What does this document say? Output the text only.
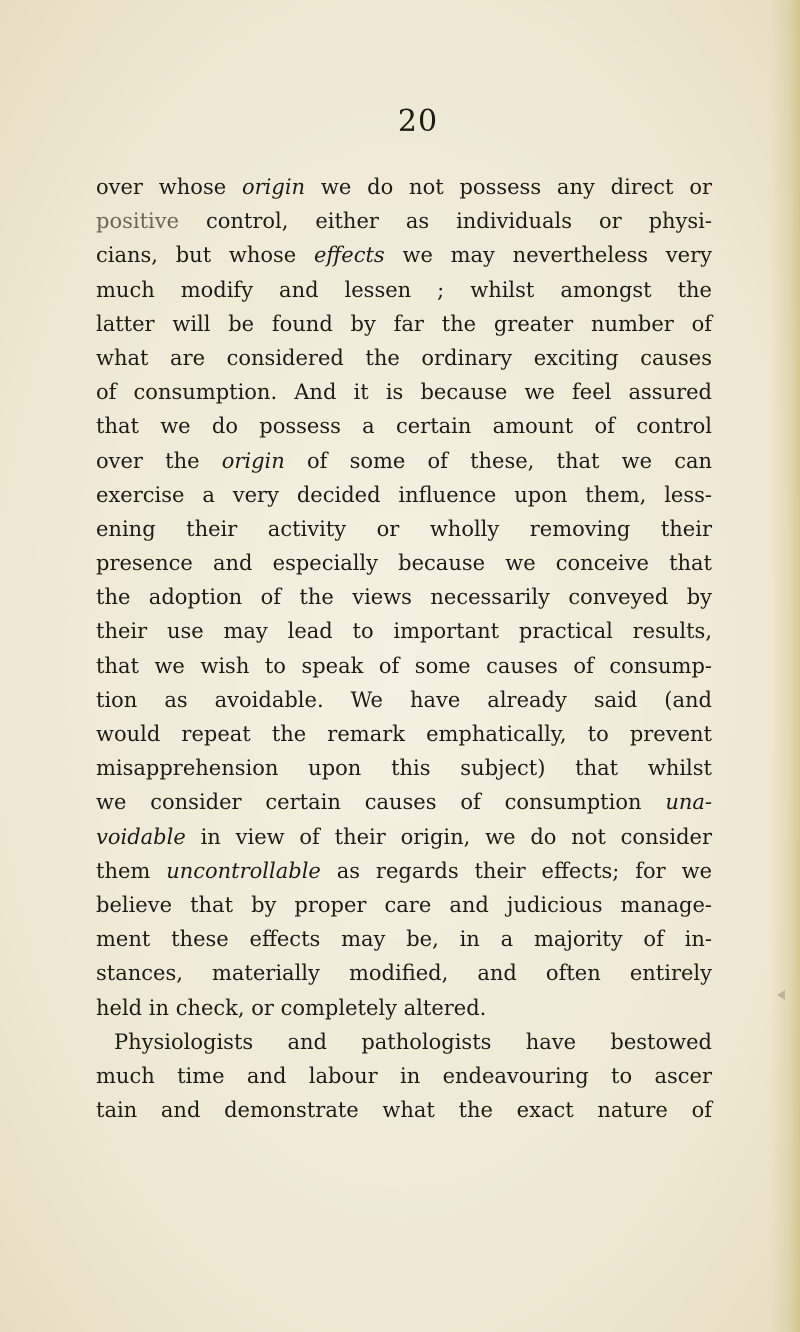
20
over whose origin we do not possess any direct or
positive control, either as individuals or physi-
cians, but whose effects we may nevertheless very
much modify and lessen ; whilst amongst the
latter will be found by far the greater number of
what are considered the ordinary exciting causes
of consumption. And it is because we feel assured
that we do possess a certain amount of control
over the origin of some of these, that we can
exercise a very decided influence upon them, less-
ening their activity or wholly removing their
presence and especially because we conceive that
the adoption of the views necessarily conveyed by
their use may lead to important practical results,
that we wish to speak of some causes of consump-
tion as avoidable. We have already said (and
would repeat the remark emphatically, to prevent
misapprehension upon this subject) that whilst
we consider certain causes of consumption una-
voidable in view of their origin, we do not consider
them uncontrollable as regards their effects; for we
believe that by proper care and judicious manage-
ment these effects may be, in a majority of in-
stances, materially modified, and often entirely
held in check, or completely altered.
Physiologists and pathologists have bestowed
much time and labour in endeavouring to ascer
tain and demonstrate what the exact nature of
